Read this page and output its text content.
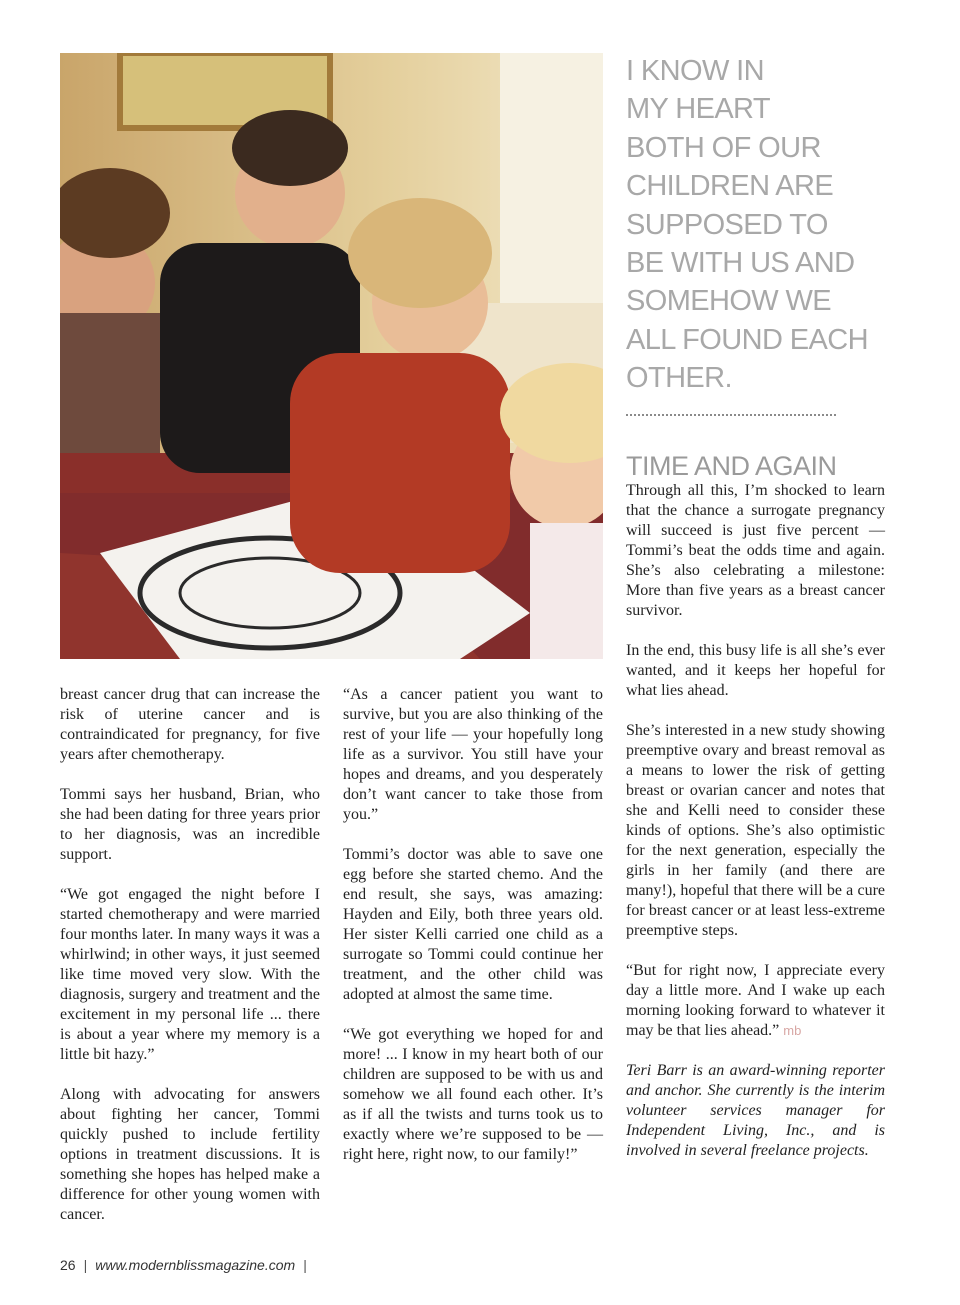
I KNOW IN
MY HEART
BOTH OF OUR
CHILDREN ARE
SUPPOSED TO
BE WITH US AND
SOMEHOW WE
ALL FOUND EACH
OTHER.
TIME AND AGAIN

breast cancer drug that can increase the risk of uterine cancer and is contraindicated for pregnancy, for five years after chemotherapy.

Tommi says her husband, Brian, who she had been dating for three years prior to her diagnosis, was an incredible support.

“We got engaged the night before I started chemotherapy and were married four months later. In many ways it was a whirlwind; in other ways, it just seemed like time moved very slow. With the diagnosis, surgery and treatment and the excitement in my personal life ... there is about a year where my memory is a little bit hazy.”

Along with advocating for answers about fighting her cancer, Tommi quickly pushed to include fertility options in treatment discussions. It is something she hopes has helped make a difference for other young women with cancer.

“As a cancer patient you want to survive, but you are also thinking of the rest of your life — your hopefully long life as a survivor. You still have your hopes and dreams, and you desperately don’t want cancer to take those from you.”

Tommi’s doctor was able to save one egg before she started chemo. And the end result, she says, was amazing: Hayden and Eily, both three years old. Her sister Kelli carried one child as a surrogate so Tommi could continue her treatment, and the other child was adopted at almost the same time.

“We got everything we hoped for and more! ... I know in my heart both of our children are supposed to be with us and somehow we all found each other. It’s as if all the twists and turns took us to exactly where we’re supposed to be — right here, right now, to our family!”

Through all this, I’m shocked to learn that the chance a surrogate pregnancy will succeed is just five percent — Tommi’s beat the odds time and again. She’s also celebrating a milestone: More than five years as a breast cancer survivor.

In the end, this busy life is all she’s ever wanted, and it keeps her hopeful for what lies ahead.

She’s interested in a new study showing preemptive ovary and breast removal as a means to lower the risk of getting breast or ovarian cancer and notes that she and Kelli need to consider these kinds of options. She’s also optimistic for the next generation, especially the girls in her family (and there are many!), hopeful that there will be a cure for breast cancer or at least less-extreme preemptive steps.

“But for right now, I appreciate every day a little more. And I wake up each morning looking forward to whatever it may be that lies ahead.” mb

Teri Barr is an award-winning reporter and anchor. She currently is the interim volunteer services manager for Independent Living, Inc., and is involved in several freelance projects.

26 | www.modernblissmagazine.com |
